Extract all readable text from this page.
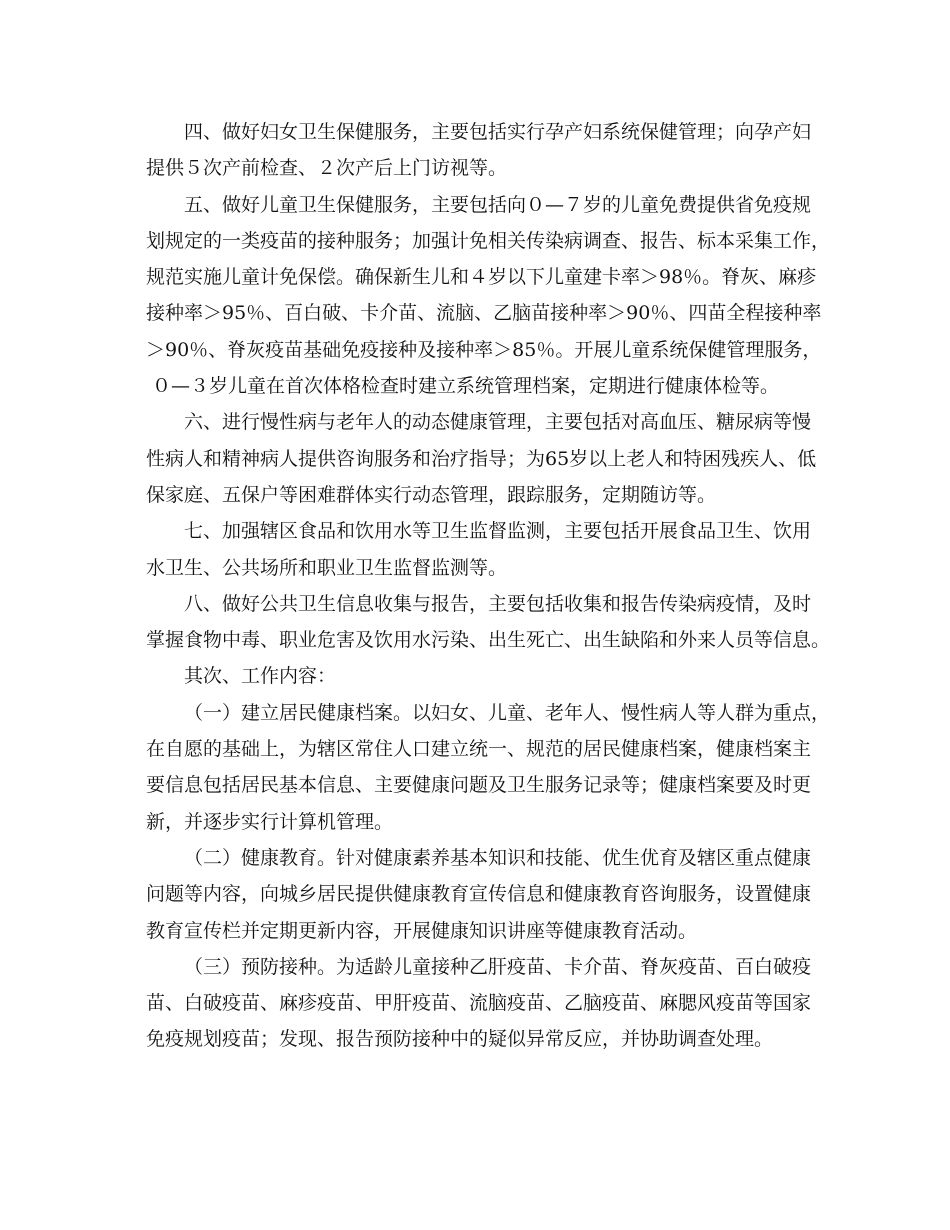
四、做好妇女卫生保健服务，主要包括实行孕产妇系统保健管理；向孕产妇
提供５次产前检查、２次产后上门访视等。
五、做好儿童卫生保健服务，主要包括向０—７岁的儿童免费提供省免疫规
划规定的一类疫苗的接种服务；加强计免相关传染病调查、报告、标本采集工作，
规范实施儿童计免保偿。确保新生儿和４岁以下儿童建卡率＞98％。脊灰、麻疹
接种率＞95％、百白破、卡介苗、流脑、乙脑苗接种率＞90％、四苗全程接种率
＞90％、脊灰疫苗基础免疫接种及接种率＞85％。开展儿童系统保健管理服务，
０—３岁儿童在首次体格检查时建立系统管理档案，定期进行健康体检等。
六、进行慢性病与老年人的动态健康管理，主要包括对高血压、糖尿病等慢
性病人和精神病人提供咨询服务和治疗指导；为65岁以上老人和特困残疾人、低
保家庭、五保户等困难群体实行动态管理，跟踪服务，定期随访等。
七、加强辖区食品和饮用水等卫生监督监测，主要包括开展食品卫生、饮用
水卫生、公共场所和职业卫生监督监测等。
八、做好公共卫生信息收集与报告，主要包括收集和报告传染病疫情，及时
掌握食物中毒、职业危害及饮用水污染、出生死亡、出生缺陷和外来人员等信息。
其次、工作内容：
（一）建立居民健康档案。以妇女、儿童、老年人、慢性病人等人群为重点，
在自愿的基础上，为辖区常住人口建立统一、规范的居民健康档案，健康档案主
要信息包括居民基本信息、主要健康问题及卫生服务记录等；健康档案要及时更
新，并逐步实行计算机管理。
（二）健康教育。针对健康素养基本知识和技能、优生优育及辖区重点健康
问题等内容，向城乡居民提供健康教育宣传信息和健康教育咨询服务，设置健康
教育宣传栏并定期更新内容，开展健康知识讲座等健康教育活动。
（三）预防接种。为适龄儿童接种乙肝疫苗、卡介苗、脊灰疫苗、百白破疫
苗、白破疫苗、麻疹疫苗、甲肝疫苗、流脑疫苗、乙脑疫苗、麻腮风疫苗等国家
免疫规划疫苗；发现、报告预防接种中的疑似异常反应，并协助调查处理。
